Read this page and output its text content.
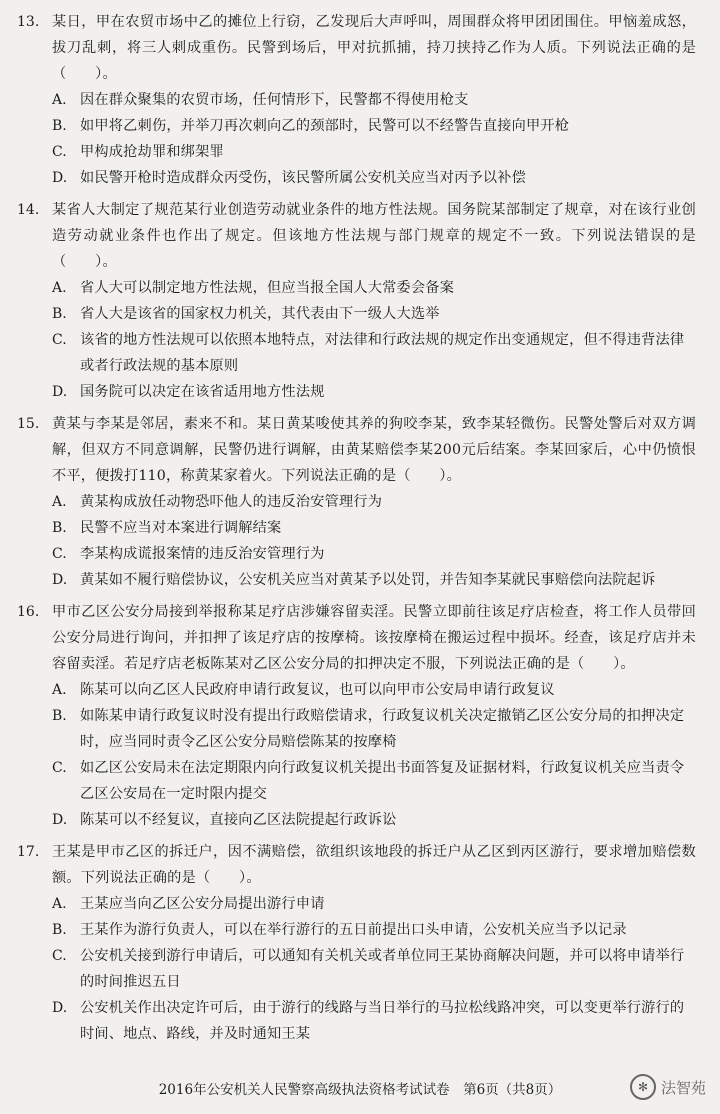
13. 某日，甲在农贸市场中乙的摊位上行窃，乙发现后大声呼叫，周围群众将甲团团围住。甲恼羞成怒，拔刀乱刺，将三人刺成重伤。民警到场后，甲对抗抓捕，持刀挟持乙作为人质。下列说法正确的是（　　）。
A. 因在群众聚集的农贸市场，任何情形下，民警都不得使用枪支
B. 如甲将乙刺伤，并举刀再次刺向乙的颈部时，民警可以不经警告直接向甲开枪
C. 甲构成抢劫罪和绑架罪
D. 如民警开枪时造成群众丙受伤，该民警所属公安机关应当对丙予以补偿
14. 某省人大制定了规范某行业创造劳动就业条件的地方性法规。国务院某部制定了规章，对在该行业创造劳动就业条件也作出了规定。但该地方性法规与部门规章的规定不一致。下列说法错误的是（　　）。
A. 省人大可以制定地方性法规，但应当报全国人大常委会备案
B. 省人大是该省的国家权力机关，其代表由下一级人大选举
C. 该省的地方性法规可以依照本地特点，对法律和行政法规的规定作出变通规定，但不得违背法律或者行政法规的基本原则
D. 国务院可以决定在该省适用地方性法规
15. 黄某与李某是邻居，素来不和。某日黄某唆使其养的狗咬李某，致李某轻微伤。民警处警后对双方调解，但双方不同意调解，民警仍进行调解，由黄某赔偿李某200元后结案。李某回家后，心中仍愤恨不平，便拨打110，称黄某家着火。下列说法正确的是（　　）。
A. 黄某构成放任动物恐吓他人的违反治安管理行为
B. 民警不应当对本案进行调解结案
C. 李某构成谎报案情的违反治安管理行为
D. 黄某如不履行赔偿协议，公安机关应当对黄某予以处罚，并告知李某就民事赔偿向法院起诉
16. 甲市乙区公安分局接到举报称某足疗店涉嫌容留卖淫。民警立即前往该足疗店检查，将工作人员带回公安分局进行询问，并扣押了该足疗店的按摩椅。该按摩椅在搬运过程中损坏。经查，该足疗店并未容留卖淫。若足疗店老板陈某对乙区公安分局的扣押决定不服，下列说法正确的是（　　）。
A. 陈某可以向乙区人民政府申请行政复议，也可以向甲市公安局申请行政复议
B. 如陈某申请行政复议时没有提出行政赔偿请求，行政复议机关决定撤销乙区公安分局的扣押决定时，应当同时责令乙区公安分局赔偿陈某的按摩椅
C. 如乙区公安局未在法定期限内向行政复议机关提出书面答复及证据材料，行政复议机关应当责令乙区公安局在一定时限内提交
D. 陈某可以不经复议，直接向乙区法院提起行政诉讼
17. 王某是甲市乙区的拆迁户，因不满赔偿，欲组织该地段的拆迁户从乙区到丙区游行，要求增加赔偿数额。下列说法正确的是（　　）。
A. 王某应当向乙区公安分局提出游行申请
B. 王某作为游行负责人，可以在举行游行的五日前提出口头申请，公安机关应当予以记录
C. 公安机关接到游行申请后，可以通知有关机关或者单位同王某协商解决问题，并可以将申请举行的时间推迟五日
D. 公安机关作出决定许可后，由于游行的线路与当日举行的马拉松线路冲突，可以变更举行游行的时间、地点、路线，并及时通知王某
2016年公安机关人民警察高级执法资格考试试卷　第6页（共8页）	✻ 法智苑
